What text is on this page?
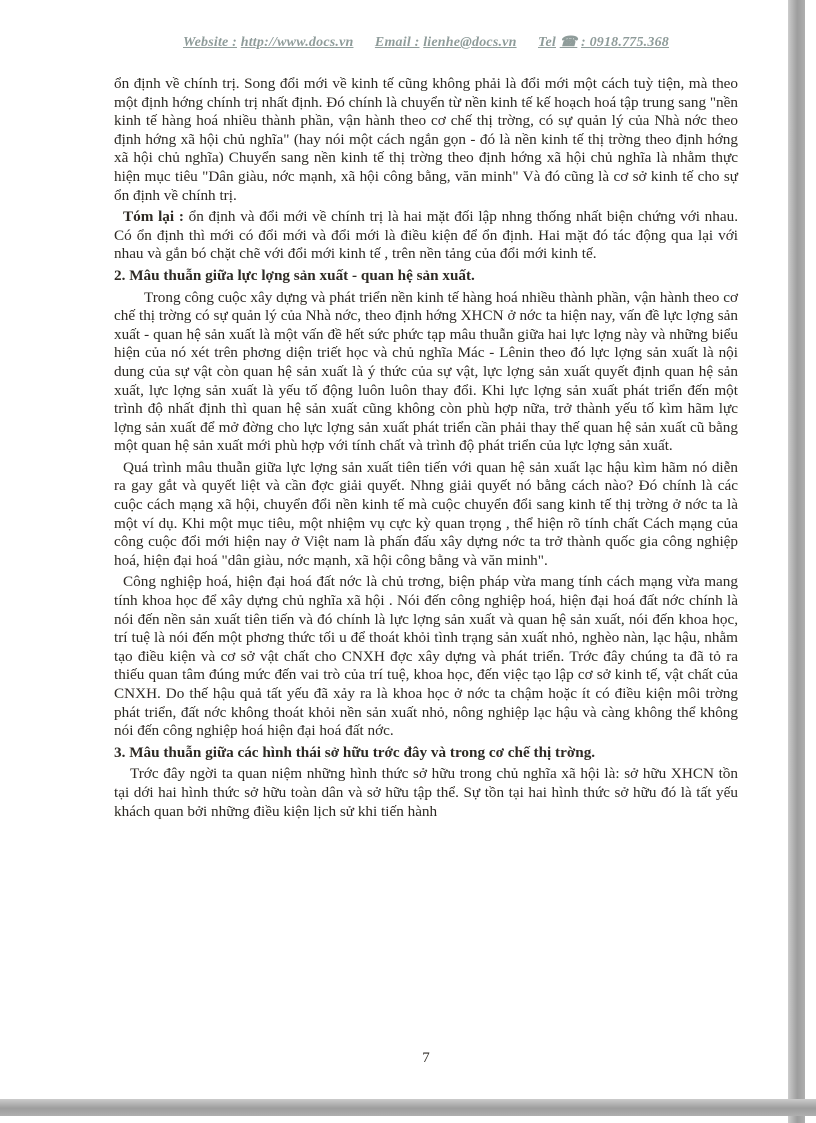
Website : http://www.docs.vn Email : lienhe@docs.vn Tel ☎ : 0918.775.368

ổn định về chính trị. Song đổi mới về kinh tế cũng không phải là đổi mới một cách tuỳ tiện, mà theo một định hớng chính trị nhất định. Đó chính là chuyển từ nền kinh tế kế hoạch hoá tập trung sang "nền kinh tế hàng hoá nhiều thành phần, vận hành theo cơ chế thị trờng, có sự quản lý của Nhà nớc theo định hớng xã hội chủ nghĩa" (hay nói một cách ngắn gọn - đó là nền kinh tế thị trờng theo định hớng xã hội chủ nghĩa) Chuyển sang nền kinh tế thị trờng theo định hớng xã hội chủ nghĩa là nhằm thực hiện mục tiêu "Dân giàu, nớc mạnh, xã hội công bằng, văn minh" Và đó cũng là cơ sở kinh tế cho sự ổn định về chính trị.

Tóm lại : ổn định và đổi mới về chính trị là hai mặt đối lập nhng thống nhất biện chứng với nhau. Có ổn định thì mới có đổi mới và đổi mới là điều kiện để ổn định. Hai mặt đó tác động qua lại với nhau và gắn bó chặt chẽ với đổi mới kinh tế , trên nền tảng của đổi mới kinh tế.

2. Mâu thuẫn giữa lực lợng sản xuất - quan hệ sản xuất.

Trong công cuộc xây dựng và phát triển nền kinh tế hàng hoá nhiều thành phần, vận hành theo cơ chế thị trờng có sự quản lý của Nhà nớc, theo định hớng XHCN ở nớc ta hiện nay, vấn đề lực lợng sản xuất - quan hệ sản xuất là một vấn đề hết sức phức tạp mâu thuẫn giữa hai lực lợng này và những biểu hiện của nó xét trên phơng diện triết học và chủ nghĩa Mác - Lênin theo đó lực lợng sản xuất là nội dung của sự vật còn quan hệ sản xuất là ý thức của sự vật, lực lợng sản xuất quyết định quan hệ sản xuất, lực lợng sản xuất là yếu tố động luôn luôn thay đổi. Khi lực lợng sản xuất phát triển đến một trình độ nhất định thì quan hệ sản xuất cũng không còn phù hợp nữa, trở thành yếu tố kìm hãm lực lợng sản xuất để mở đờng cho lực lợng sản xuất phát triển cần phải thay thế quan hệ sản xuất cũ bằng một quan hệ sản xuất mới phù hợp với tính chất và trình độ phát triển của lực lợng sản xuất.

Quá trình mâu thuẫn giữa lực lợng sản xuất tiên tiến với quan hệ sản xuất lạc hậu kìm hãm nó diễn ra gay gắt và quyết liệt và cần đợc giải quyết. Nhng giải quyết nó bằng cách nào? Đó chính là các cuộc cách mạng xã hội, chuyển đổi nền kinh tế mà cuộc chuyển đổi sang kinh tế thị trờng ở nớc ta là một ví dụ. Khi một mục tiêu, một nhiệm vụ cực kỳ quan trọng , thể hiện rõ tính chất Cách mạng của công cuộc đổi mới hiện nay ở Việt nam là phấn đấu xây dựng nớc ta trở thành quốc gia công nghiệp hoá, hiện đại hoá "dân giàu, nớc mạnh, xã hội công bằng và văn minh".

Công nghiệp hoá, hiện đại hoá đất nớc là chủ trơng, biện pháp vừa mang tính cách mạng vừa mang tính khoa học để xây dựng chủ nghĩa xã hội . Nói đến công nghiệp hoá, hiện đại hoá đất nớc chính là nói đến nền sản xuất tiên tiến và đó chính là lực lợng sản xuất và quan hệ sản xuất, nói đến khoa học, trí tuệ là nói đến một phơng thức tối u để thoát khỏi tình trạng sản xuất nhỏ, nghèo nàn, lạc hậu, nhằm tạo điều kiện và cơ sở vật chất cho CNXH đợc xây dựng và phát triển. Trớc đây chúng ta đã tỏ ra thiếu quan tâm đúng mức đến vai trò của trí tuệ, khoa học, đến việc tạo lập cơ sở kinh tế, vật chất của CNXH. Do thế hậu quả tất yếu đã xảy ra là khoa học ở nớc ta chậm hoặc ít có điều kiện môi trờng phát triển, đất nớc không thoát khỏi nền sản xuất nhỏ, nông nghiệp lạc hậu và càng không thể không nói đến công nghiệp hoá hiện đại hoá đất nớc.

3. Mâu thuẫn giữa các hình thái sở hữu trớc đây và trong cơ chế thị trờng.

Trớc đây ngời ta quan niệm những hình thức sở hữu trong chủ nghĩa xã hội là: sở hữu XHCN tồn tại dới hai hình thức sở hữu toàn dân và sở hữu tập thể. Sự tồn tại hai hình thức sở hữu đó là tất yếu khách quan bởi những điều kiện lịch sử khi tiến hành

7
